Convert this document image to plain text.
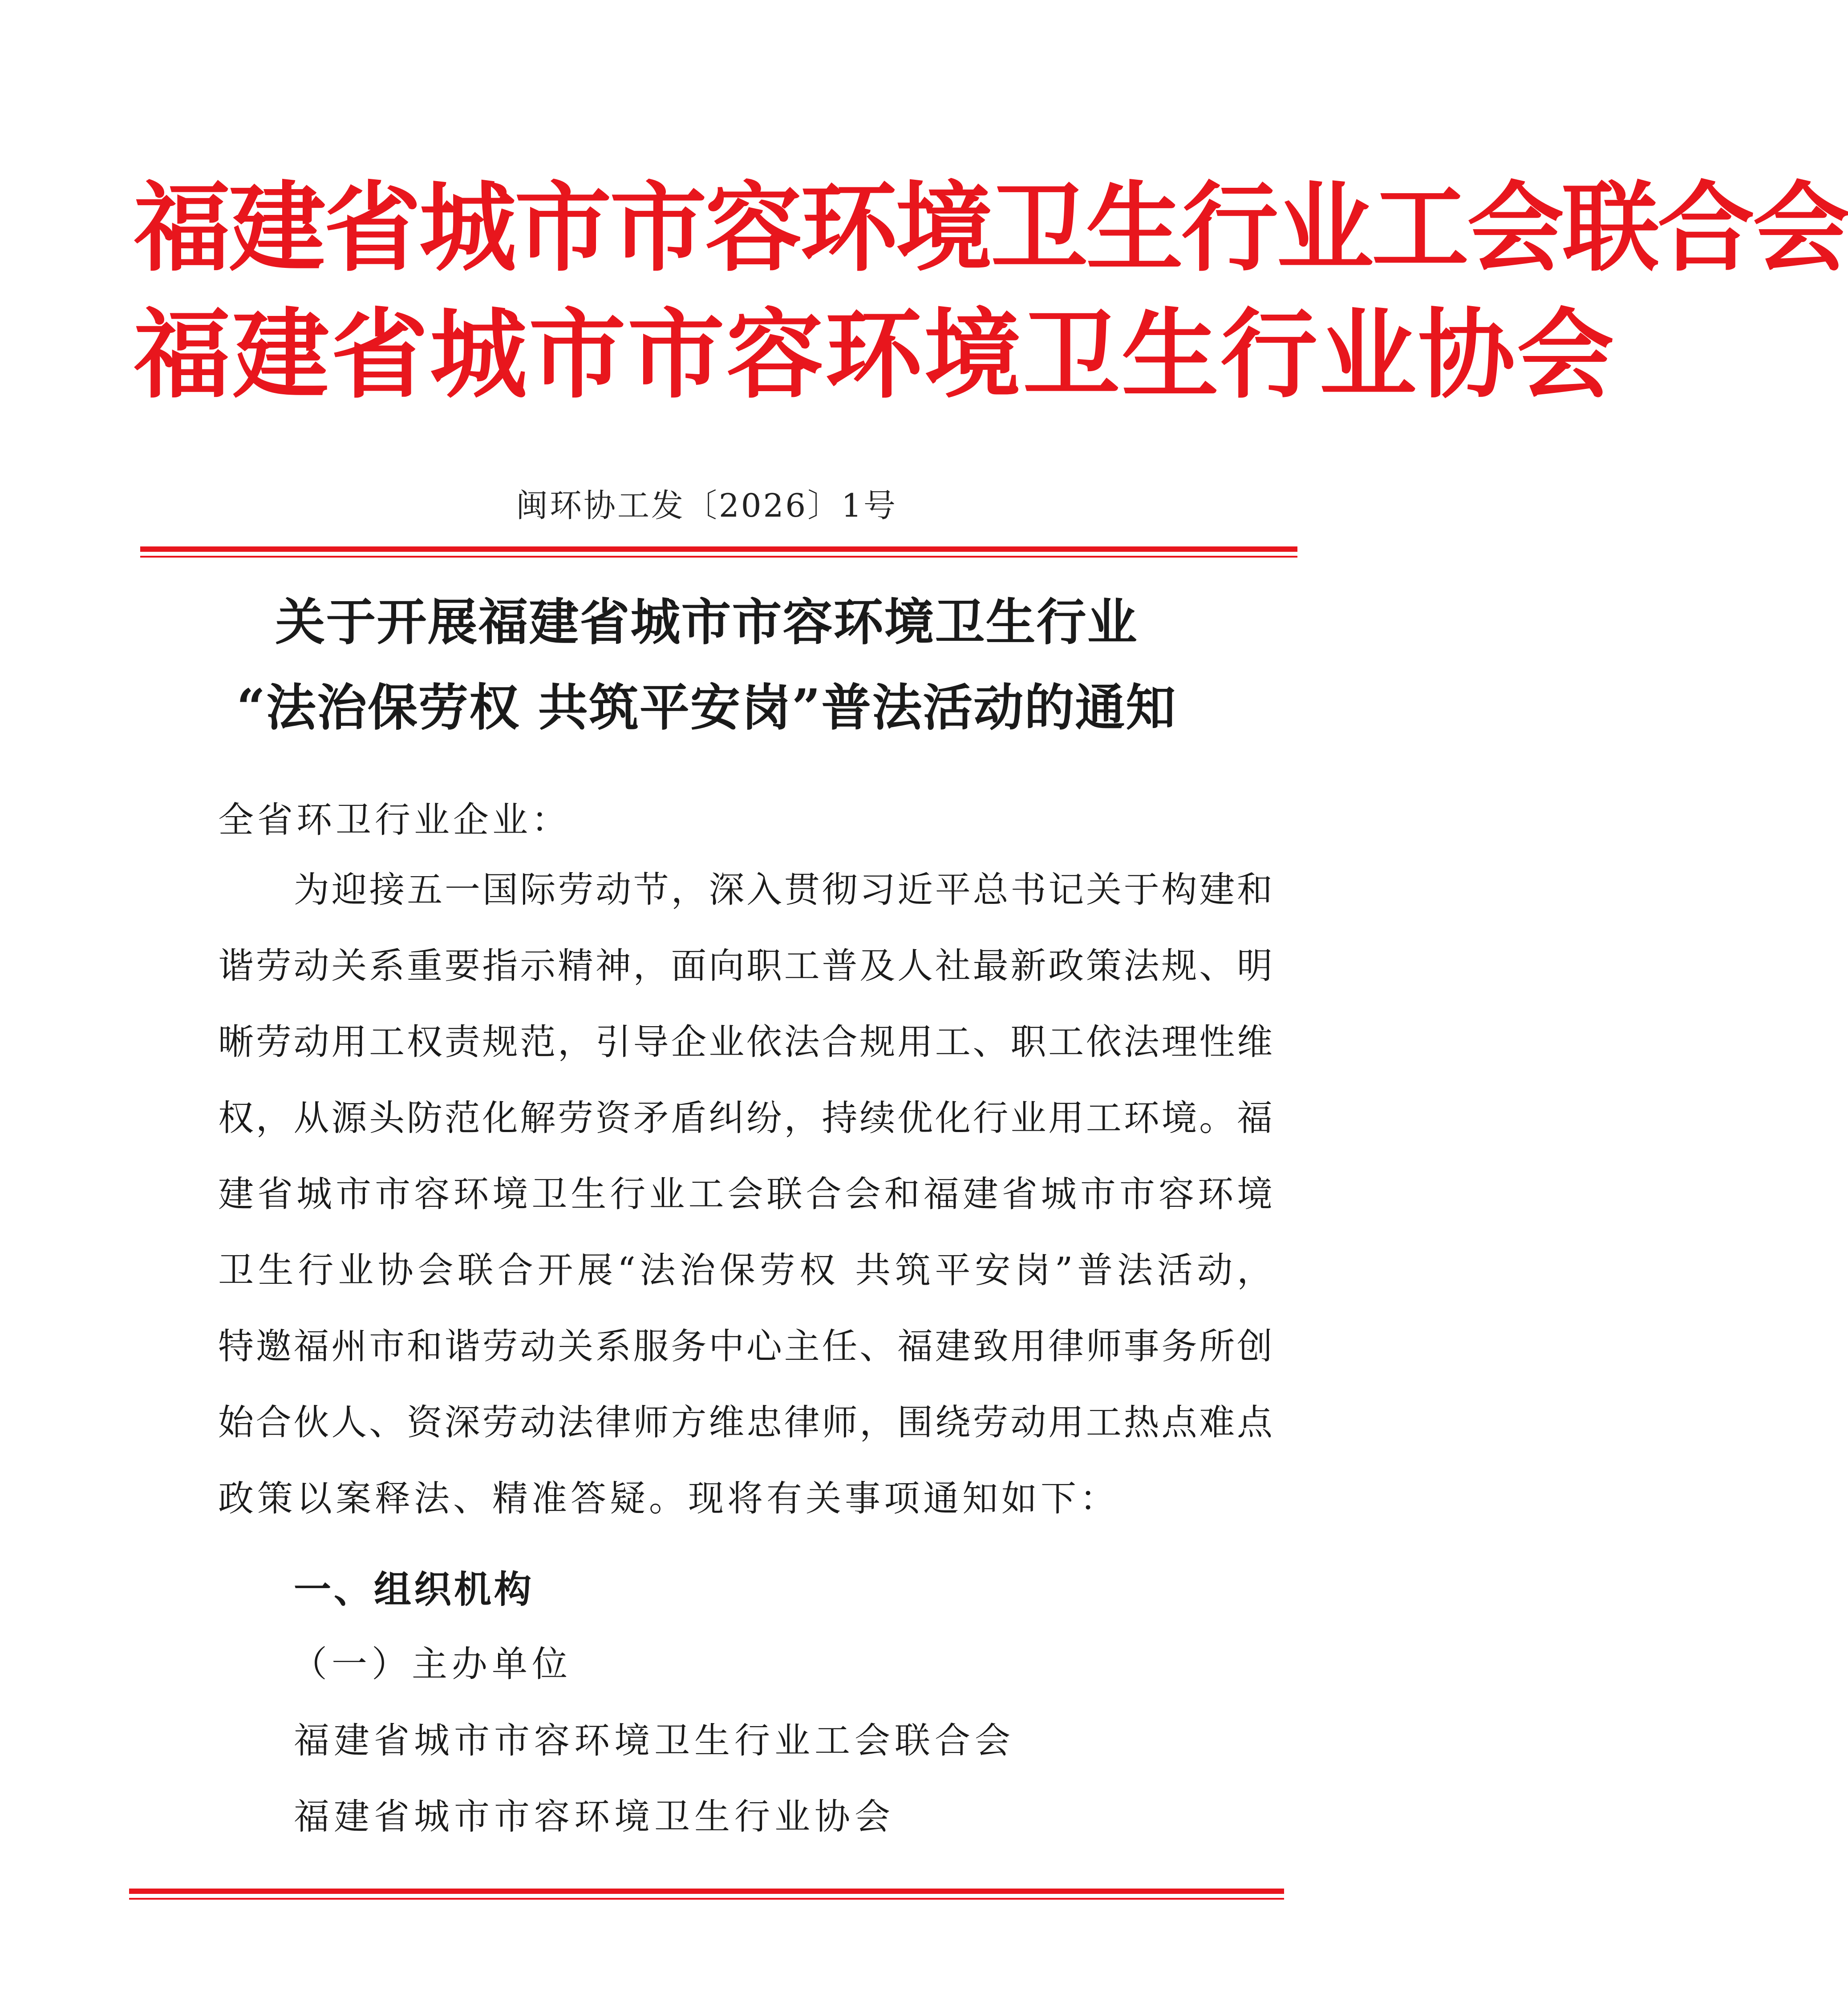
福建省城市市容环境卫生行业工会联合会
福建省城市市容环境卫生行业协会
闽环协工发〔2026〕1号
关于开展福建省城市市容环境卫生行业
“法治保劳权 共筑平安岗”普法活动的通知
全省环卫行业企业：
为迎接五一国际劳动节，深入贯彻习近平总书记关于构建和
谐劳动关系重要指示精神，面向职工普及人社最新政策法规、明
晰劳动用工权责规范，引导企业依法合规用工、职工依法理性维
权，从源头防范化解劳资矛盾纠纷，持续优化行业用工环境。福
建省城市市容环境卫生行业工会联合会和福建省城市市容环境
卫生行业协会联合开展“法治保劳权 共筑平安岗”普法活动，
特邀福州市和谐劳动关系服务中心主任、福建致用律师事务所创
始合伙人、资深劳动法律师方维忠律师，围绕劳动用工热点难点
政策以案释法、精准答疑。现将有关事项通知如下：
一、组织机构
（一）主办单位
福建省城市市容环境卫生行业工会联合会
福建省城市市容环境卫生行业协会
